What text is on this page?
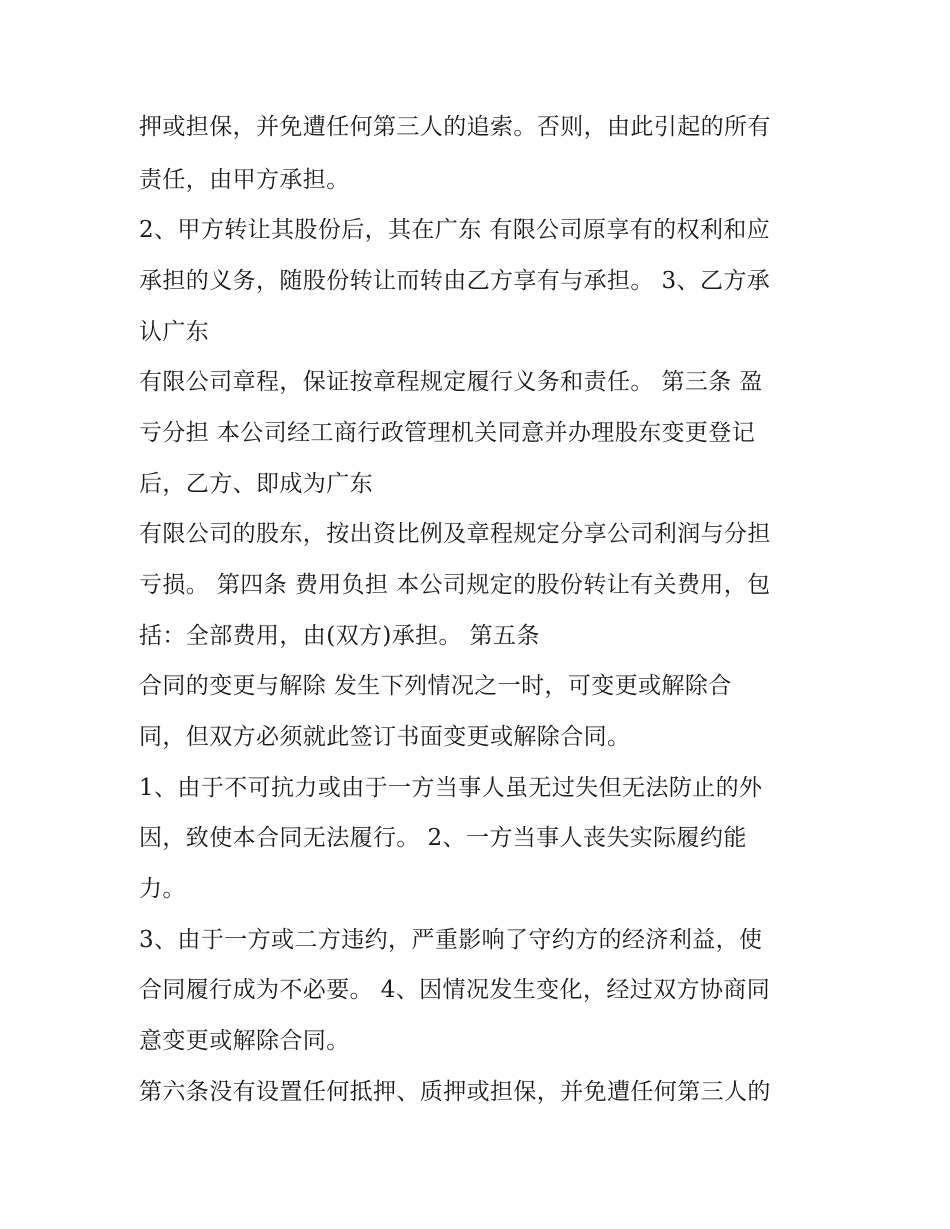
押或担保，并免遭任何第三人的追索。否则，由此引起的所有
责任，由甲方承担。
2、甲方转让其股份后，其在广东 有限公司原享有的权利和应
承担的义务，随股份转让而转由乙方享有与承担。 3、乙方承
认广东
有限公司章程，保证按章程规定履行义务和责任。 第三条 盈
亏分担 本公司经工商行政管理机关同意并办理股东变更登记
后，乙方、即成为广东
有限公司的股东，按出资比例及章程规定分享公司利润与分担
亏损。 第四条 费用负担 本公司规定的股份转让有关费用，包
括：全部费用，由(双方)承担。 第五条
合同的变更与解除 发生下列情况之一时，可变更或解除合
同，但双方必须就此签订书面变更或解除合同。
1、由于不可抗力或由于一方当事人虽无过失但无法防止的外
因，致使本合同无法履行。 2、一方当事人丧失实际履约能
力。
3、由于一方或二方违约，严重影响了守约方的经济利益，使
合同履行成为不必要。 4、因情况发生变化，经过双方协商同
意变更或解除合同。
第六条没有设置任何抵押、质押或担保，并免遭任何第三人的
